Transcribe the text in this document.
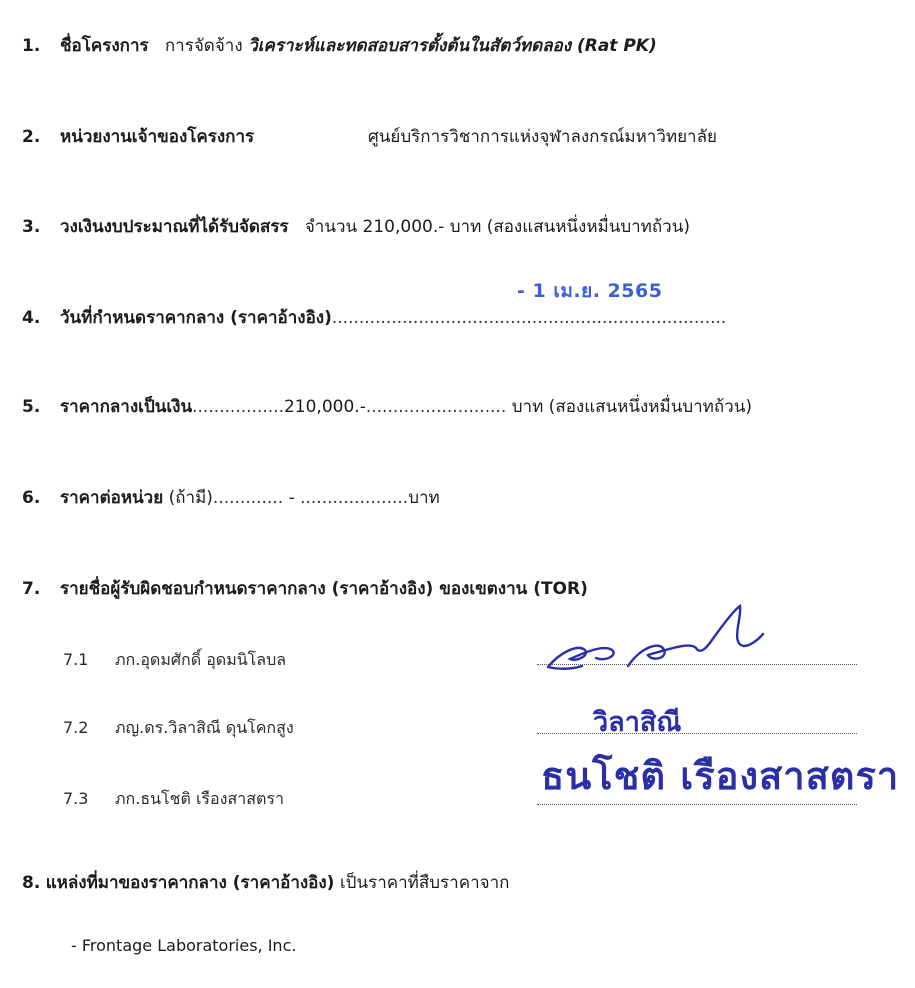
1. ชื่อโครงการ การจัดจ้าง วิเคราะห์และทดสอบสารตั้งต้นในสัตว์ทดลอง (Rat PK)
2. หน่วยงานเจ้าของโครงการ	ศูนย์บริการวิชาการแห่งจุฬาลงกรณ์มหาวิทยาลัย
3. วงเงินงบประมาณที่ได้รับจัดสรร จำนวน 210,000.- บาท (สองแสนหนึ่งหมื่นบาทถ้วน)
- 1 เม.ย. 2565
4. วันที่กำหนดราคากลาง (ราคาอ้างอิง).........................................................................
5. ราคากลางเป็นเงิน.................210,000.-.......................... บาท (สองแสนหนึ่งหมื่นบาทถ้วน)
6. ราคาต่อหน่วย (ถ้ามี)............. - ....................บาท
7. รายชื่อผู้รับผิดชอบกำหนดราคากลาง (ราคาอ้างอิง) ของเขตงาน (TOR)
7.1 ภก.อุดมศักดิ์ อุดมนิโลบล
7.2 ภญ.ดร.วิลาสิณี ดุนโคกสูง
7.3 ภก.ธนโชติ เรืองสาสตรา
วิลาสิณี
ธนโชติ เรืองสาสตรา
8. แหล่งที่มาของราคากลาง (ราคาอ้างอิง) เป็นราคาที่สืบราคาจาก
- Frontage Laboratories, Inc.
